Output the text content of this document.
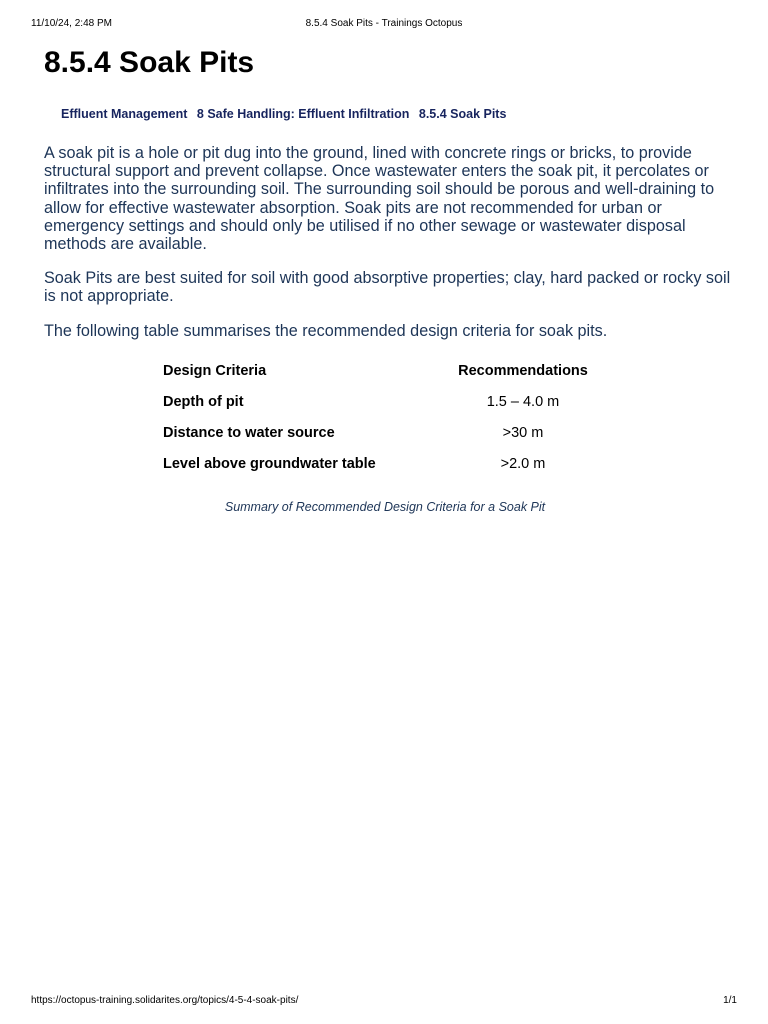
11/10/24, 2:48 PM	8.5.4 Soak Pits - Trainings Octopus
8.5.4 Soak Pits
Effluent Management 8 Safe Handling: Effluent Infiltration 8.5.4 Soak Pits

A soak pit is a hole or pit dug into the ground, lined with concrete rings or bricks, to provide structural support and prevent collapse. Once wastewater enters the soak pit, it percolates or infiltrates into the surrounding soil. The surrounding soil should be porous and well-draining to allow for effective wastewater absorption. Soak pits are not recommended for urban or emergency settings and should only be utilised if no other sewage or wastewater disposal methods are available.

Soak Pits are best suited for soil with good absorptive properties; clay, hard packed or rocky soil is not appropriate.

The following table summarises the recommended design criteria for soak pits.

Design Criteria	Recommendations
Depth of pit	1.5 – 4.0 m
Distance to water source	>30 m
Level above groundwater table	>2.0 m
Summary of Recommended Design Criteria for a Soak Pit
https://octopus-training.solidarites.org/topics/4-5-4-soak-pits/	1/1
